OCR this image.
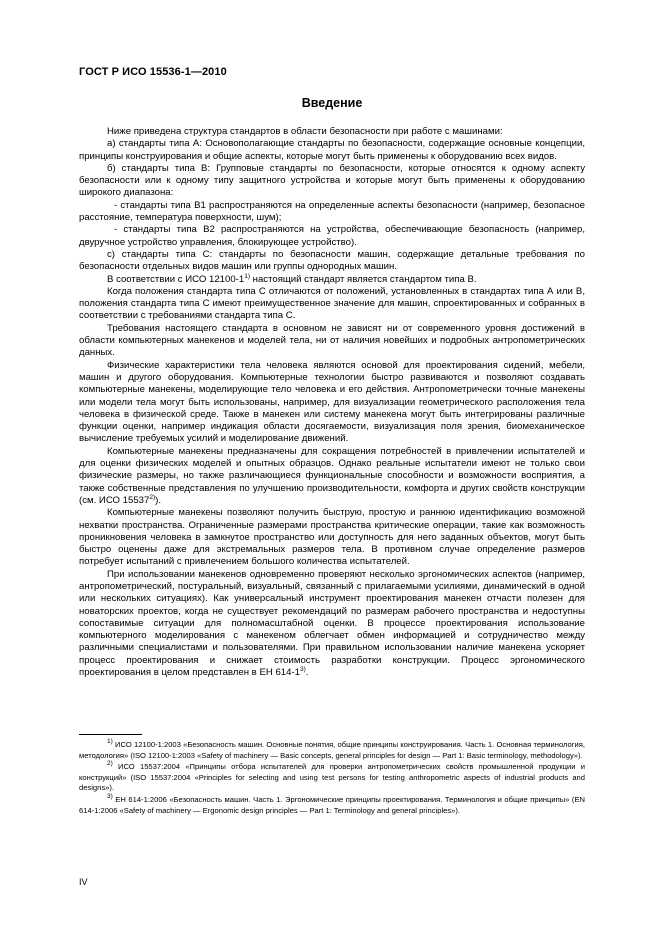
ГОСТ Р ИСО 15536-1—2010
Введение

Ниже приведена структура стандартов в области безопасности при работе с машинами:

а) стандарты типа А: Основополагающие стандарты по безопасности, содержащие основные концепции, принципы конструирования и общие аспекты, которые могут быть применены к оборудованию всех видов.

б) стандарты типа В: Групповые стандарты по безопасности, которые относятся к одному аспекту безопасности или к одному типу защитного устройства и которые могут быть применены к оборудованию широкого диапазона:

- стандарты типа В1 распространяются на определенные аспекты безопасности (например, безопасное расстояние, температура поверхности, шум);

- стандарты типа В2 распространяются на устройства, обеспечивающие безопасность (например, двуручное устройство управления, блокирующее устройство).

с) стандарты типа С: стандарты по безопасности машин, содержащие детальные требования по безопасности отдельных видов машин или группы однородных машин.

В соответствии с ИСО 12100-1$^{1)}$ настоящий стандарт является стандартом типа В.

Когда положения стандарта типа С отличаются от положений, установленных в стандартах типа А или В, положения стандарта типа С имеют преимущественное значение для машин, спроектированных и собранных в соответствии с требованиями стандарта типа С.

Требования настоящего стандарта в основном не зависят ни от современного уровня достижений в области компьютерных манекенов и моделей тела, ни от наличия новейших и подробных антропометрических данных.

Физические характеристики тела человека являются основой для проектирования сидений, мебели, машин и другого оборудования. Компьютерные технологии быстро развиваются и позволяют создавать компьютерные манекены, моделирующие тело человека и его действия. Антропометрически точные манекены или модели тела могут быть использованы, например, для визуализации геометрического расположения тела человека в физической среде. Также в манекен или систему манекена могут быть интегрированы различные функции оценки, например индикация области досягаемости, визуализация поля зрения, биомеханическое вычисление требуемых усилий и моделирование движений.

Компьютерные манекены предназначены для сокращения потребностей в привлечении испытателей и для оценки физических моделей и опытных образцов. Однако реальные испытатели имеют не только свои физические размеры, но также различающиеся функциональные способности и возможности восприятия, а также собственные представления по улучшению производительности, комфорта и других свойств конструкции (см. ИСО 15537$^{2)}$).

Компьютерные манекены позволяют получить быструю, простую и раннюю идентификацию возможной нехватки пространства. Ограниченные размерами пространства критические операции, такие как возможность проникновения человека в замкнутое пространство или доступность для него заданных объектов, могут быть быстро оценены даже для экстремальных размеров тела. В противном случае определение размеров потребует испытаний с привлечением большого количества испытателей.

При использовании манекенов одновременно проверяют несколько эргономических аспектов (например, антропометрический, постуральный, визуальный, связанный с прилагаемыми усилиями, динамический в одной или нескольких ситуациях). Как универсальный инструмент проектирования манекен отчасти полезен для новаторских проектов, когда не существует рекомендаций по размерам рабочего пространства и недоступны сопоставимые ситуации для полномасштабной оценки. В процессе проектирования использование компьютерного моделирования с манекеном облегчает обмен информацией и сотрудничество между различными специалистами и пользователями. При правильном использовании наличие манекена ускоряет процесс проектирования и снижает стоимость разработки конструкции. Процесс эргономического проектирования в целом представлен в ЕН 614-1$^{3)}$.

$^{1)}$ ИСО 12100-1:2003 «Безопасность машин. Основные понятия, общие принципы конструирования. Часть 1. Основная терминология, методология» (ISO 12100-1:2003 «Safety of machinery — Basic concepts, general principles for design — Part 1: Basic terminology, methodology»).

$^{2)}$ ИСО 15537:2004 «Принципы отбора испытателей для проверки антропометрических свойств промышленной продукции и конструкций» (ISO 15537:2004 «Principles for selecting and using test persons for testing anthropometric aspects of industrial products and designs»).

$^{3)}$ ЕН 614-1:2006 «Безопасность машин. Часть 1. Эргономические принципы проектирования. Терминология и общие принципы» (EN 614-1:2006 «Safety of machinery — Ergonomic design principles — Part 1: Terminology and general principles»).

IV
